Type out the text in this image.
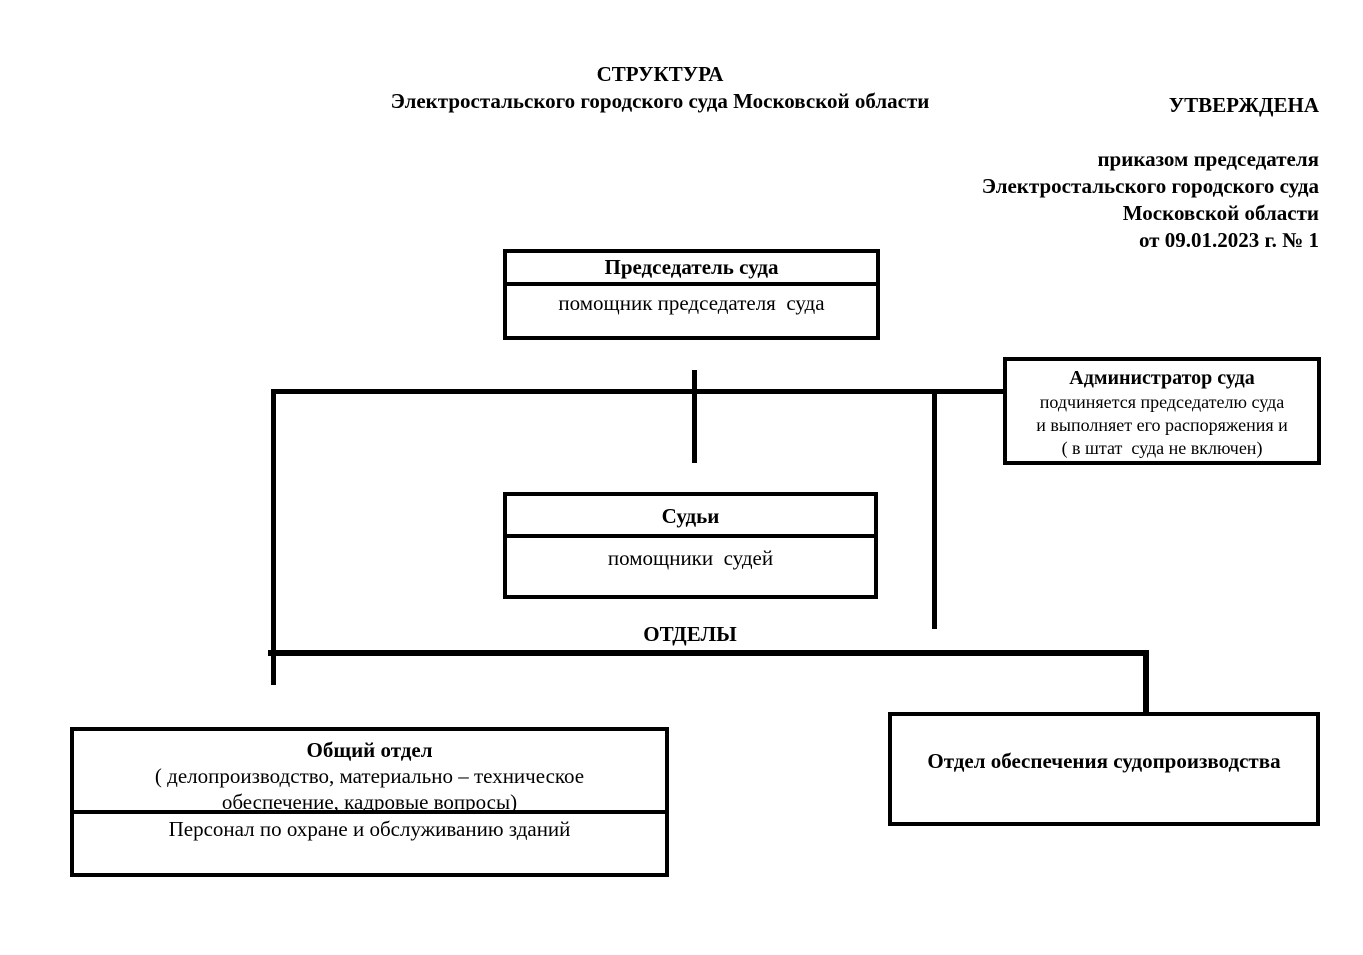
СТРУКТУРА
Электростальского городского суда Московской области	УТВЕРЖДЕНА
приказом председателя
Электростальского городского суда
Московской области
от 09.01.2023 г. № 1
Председатель суда
помощник председателя  суда
Администратор суда
подчиняется председателю суда
и выполняет его распоряжения и
( в штат  суда не включен)
Судьи
помощники  судей
ОТДЕЛЫ
Общий отдел
( делопроизводство, материально – техническое
обеспечение, кадровые вопросы)
Персонал по охране и обслуживанию зданий
Отдел обеспечения судопроизводства
